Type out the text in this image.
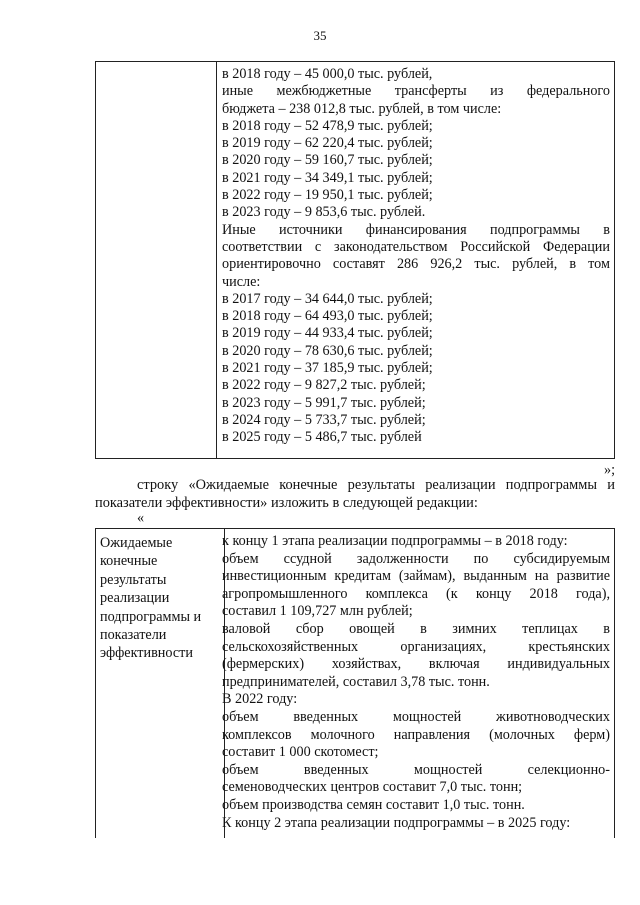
35
в 2018 году – 45 000,0 тыс. рублей,
иные межбюджетные трансферты из федерального
бюджета – 238 012,8 тыс. рублей, в том числе:
в 2018 году – 52 478,9 тыс. рублей;
в 2019 году – 62 220,4 тыс. рублей;
в 2020 году – 59 160,7 тыс. рублей;
в 2021 году – 34 349,1 тыс. рублей;
в 2022 году – 19 950,1 тыс. рублей;
в 2023 году – 9 853,6 тыс. рублей.
Иные источники финансирования подпрограммы в
соответствии с законодательством Российской Федерации
ориентировочно составят 286 926,2 тыс. рублей, в том
числе:
в 2017 году – 34 644,0 тыс. рублей;
в 2018 году – 64 493,0 тыс. рублей;
в 2019 году – 44 933,4 тыс. рублей;
в 2020 году – 78 630,6 тыс. рублей;
в 2021 году – 37 185,9 тыс. рублей;
в 2022 году – 9 827,2 тыс. рублей;
в 2023 году – 5 991,7 тыс. рублей;
в 2024 году – 5 733,7 тыс. рублей;
в 2025 году – 5 486,7 тыс. рублей
»;
строку «Ожидаемые конечные результаты реализации подпрограммы и
показатели эффективности» изложить в следующей редакции:
«
Ожидаемые
конечные
результаты
реализации
подпрограммы и
показатели
эффективности
к концу 1 этапа реализации подпрограммы – в 2018 году:
объем ссудной задолженности по субсидируемым
инвестиционным кредитам (займам), выданным на развитие
агропромышленного комплекса (к концу 2018 года),
составил 1 109,727 млн рублей;
валовой сбор овощей в зимних теплицах в
сельскохозяйственных организациях, крестьянских
(фермерских) хозяйствах, включая индивидуальных
предпринимателей, составил 3,78 тыс. тонн.
В 2022 году:
объем введенных мощностей животноводческих
комплексов молочного направления (молочных ферм)
составит 1 000 скотомест;
объем введенных мощностей селекционно-
семеноводческих центров составит 7,0 тыс. тонн;
объем производства семян составит 1,0 тыс. тонн.
К концу 2 этапа реализации подпрограммы – в 2025 году:
